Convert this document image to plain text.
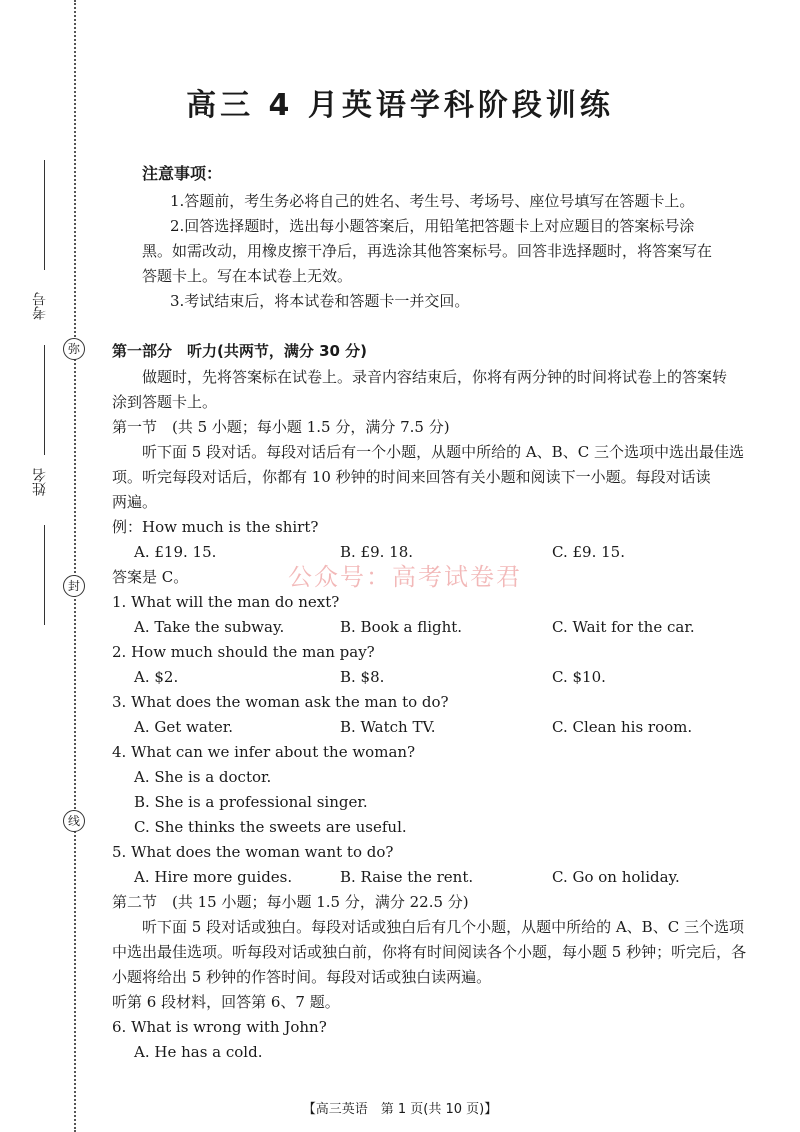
考号
姓名
弥
封
线
高三 4 月英语学科阶段训练
公众号：高考试卷君
注意事项：
1.答题前，考生务必将自己的姓名、考生号、考场号、座位号填写在答题卡上。
2.回答选择题时，选出每小题答案后，用铅笔把答题卡上对应题目的答案标号涂
黑。如需改动，用橡皮擦干净后，再选涂其他答案标号。回答非选择题时，将答案写在
答题卡上。写在本试卷上无效。
3.考试结束后，将本试卷和答题卡一并交回。
第一部分　听力(共两节，满分 30 分)
做题时，先将答案标在试卷上。录音内容结束后，你将有两分钟的时间将试卷上的答案转
涂到答题卡上。
第一节　(共 5 小题；每小题 1.5 分，满分 7.5 分)
听下面 5 段对话。每段对话后有一个小题，从题中所给的 A、B、C 三个选项中选出最佳选
项。听完每段对话后，你都有 10 秒钟的时间来回答有关小题和阅读下一小题。每段对话读
两遍。
例：How much is the shirt?
A. £19. 15.	B. £9. 18.	C. £9. 15.
答案是 C。
1. What will the man do next?
A. Take the subway.	B. Book a flight.	C. Wait for the car.
2. How much should the man pay?
A. $2.	B. $8.	C. $10.
3. What does the woman ask the man to do?
A. Get water.	B. Watch TV.	C. Clean his room.
4. What can we infer about the woman?
A. She is a doctor.
B. She is a professional singer.
C. She thinks the sweets are useful.
5. What does the woman want to do?
A. Hire more guides.	B. Raise the rent.	C. Go on holiday.
第二节　(共 15 小题；每小题 1.5 分，满分 22.5 分)
听下面 5 段对话或独白。每段对话或独白后有几个小题，从题中所给的 A、B、C 三个选项
中选出最佳选项。听每段对话或独白前，你将有时间阅读各个小题，每小题 5 秒钟；听完后，各
小题将给出 5 秒钟的作答时间。每段对话或独白读两遍。
听第 6 段材料，回答第 6、7 题。
6. What is wrong with John?
A. He has a cold.
【高三英语　第 1 页(共 10 页)】
